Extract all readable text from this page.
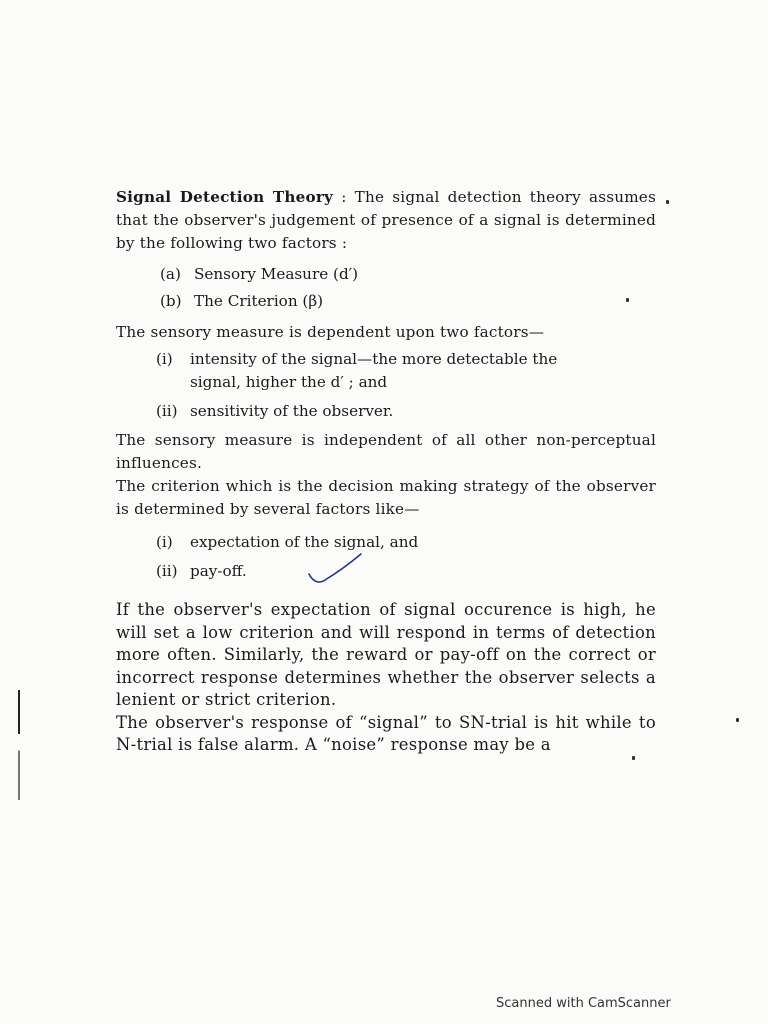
Signal Detection Theory : The signal detection theory assumes that the observer's judgement of presence of a signal is determined by the following two factors :

(a) Sensory Measure (d′)
(b) The Criterion (β)

The sensory measure is dependent upon two factors—

(i) intensity of the signal—the more detectable the
signal, higher the d′ ; and
(ii) sensitivity of the observer.

The sensory measure is independent of all other non-perceptual influences.

The criterion which is the decision making strategy of the observer is determined by several factors like—

(i) expectation of the signal, and
(ii) pay-off.

If the observer's expectation of signal occurence is high, he will set a low criterion and will respond in terms of detection more often. Similarly, the reward or pay-off on the correct or incorrect response determines whether the observer selects a lenient or strict criterion.

The observer's response of “signal” to SN-trial is hit while to N-trial is false alarm. A “noise” response may be a

Scanned with CamScanner
